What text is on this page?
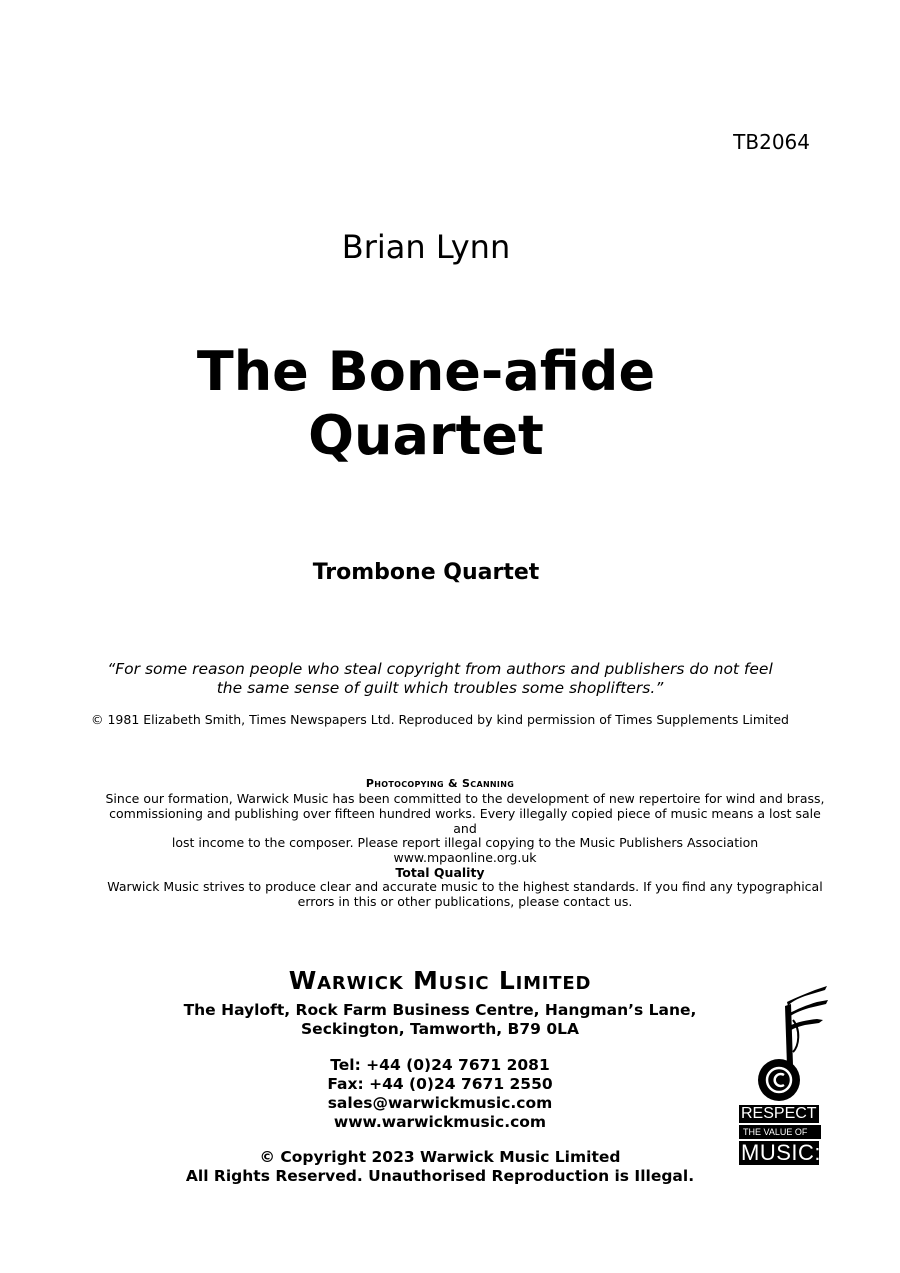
TB2064
Brian Lynn
The Bone-afide
Quartet
Trombone Quartet
“For some reason people who steal copyright from authors and publishers do not feel
the same sense of guilt which troubles some shoplifters.”
© 1981 Elizabeth Smith, Times Newspapers Ltd. Reproduced by kind permission of Times Supplements Limited
Photocopying & Scanning
Since our formation, Warwick Music has been committed to the development of new repertoire for wind and brass,
commissioning and publishing over fifteen hundred works. Every illegally copied piece of music means a lost sale and
lost income to the composer. Please report illegal copying to the Music Publishers Association www.mpaonline.org.uk
Total Quality
Warwick Music strives to produce clear and accurate music to the highest standards. If you find any typographical
errors in this or other publications, please contact us.
Warwick Music Limited
The Hayloft, Rock Farm Business Centre, Hangman’s Lane,
Seckington, Tamworth, B79 0LA
Tel: +44 (0)24 7671 2081
Fax: +44 (0)24 7671 2550
sales@warwickmusic.com
www.warwickmusic.com
© Copyright 2023 Warwick Music Limited
All Rights Reserved. Unauthorised Reproduction is Illegal.
RESPECT
THE VALUE OF
MUSIC:
